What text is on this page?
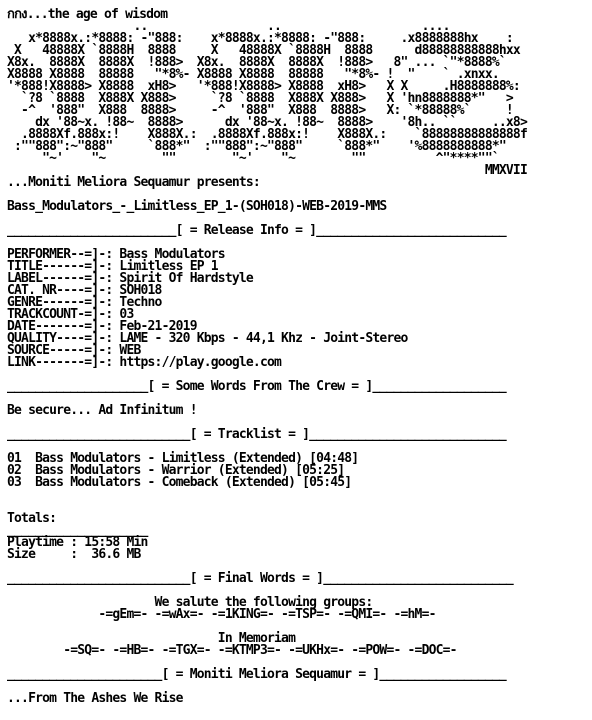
กกง...the age of wisdom
..                 ..                    ....
x*8888x.:*8888: -"888:    x*8888x.:*8888: -"888:     .x8888888hx    :
X   48888X `8888H  8888     X   48888X `8888H  8888      d88888888888hxx
X8x.  8888X  8888X  !888>  X8x.  8888X  8888X  !888>   8" ... `"*8888%`
X8888 X8888  88888   "*8%- X8888 X8888  88888   "*8%- !  "    ` .xnxx.
'*888!X8888> X8888  xH8>   '*888!X8888> X8888  xH8>   X X     .H8888888%:
`?8 `8888  X888X X888>     `?8 `8888  X888X X888>   X 'hn8888888*"   >
-^  '888"  X888  8888>     -^  '888"  X888  8888>   X: `*88888%`     !
dx '88~x. !88~  8888>      dx '88~x. !88~  8888>    '8h.. ``     ..x8>
.8888Xf.888x:!    X888X.:  .8888Xf.888x:!    X888X.:    `88888888888888f
:""888":~"888"     `888*"  :""888":~"888"     `888*"    '%8888888888*"
"~'    "~        ""        "~'    "~        ""          ^"****""`
MMXVII
...Moniti Meliora Sequamur presents:
Bass_Modulators_-_Limitless_EP_1-(SOH018)-WEB-2019-MMS
________________________[ = Release Info = ]___________________________
PERFORMER--=]-: Bass Modulators
TITLE------=]-: Limitless EP 1
LABEL------=]-: Spirit Of Hardstyle
CAT. NR----=]-: SOH018
GENRE------=]-: Techno
TRACKCOUNT-=]-: 03
DATE-------=]-: Feb-21-2019
QUALITY----=]-: LAME - 320 Kbps - 44,1 Khz - Joint-Stereo
SOURCE-----=]-: WEB
LINK-------=]-: https://play.google.com
____________________[ = Some Words From The Crew = ]___________________
Be secure... Ad Infinitum !
__________________________[ = Tracklist = ]____________________________
01  Bass Modulators - Limitless (Extended) [04:48]
02  Bass Modulators - Warrior (Extended) [05:25]
03  Bass Modulators - Comeback (Extended) [05:45]
Totals:
____________________
Playtime : 15:58 Min
Size     :  36.6 MB
__________________________[ = Final Words = ]___________________________
We salute the following groups:
-=gEm=- -=wAx=- -=1KING=- -=TSP=- -=QMI=- -=hM=-
In Memoriam
-=SQ=- -=HB=- -=TGX=- -=KTMP3=- -=UKHx=- -=POW=- -=DOC=-
______________________[ = Moniti Meliora Sequamur = ]__________________
...From The Ashes We Rise
